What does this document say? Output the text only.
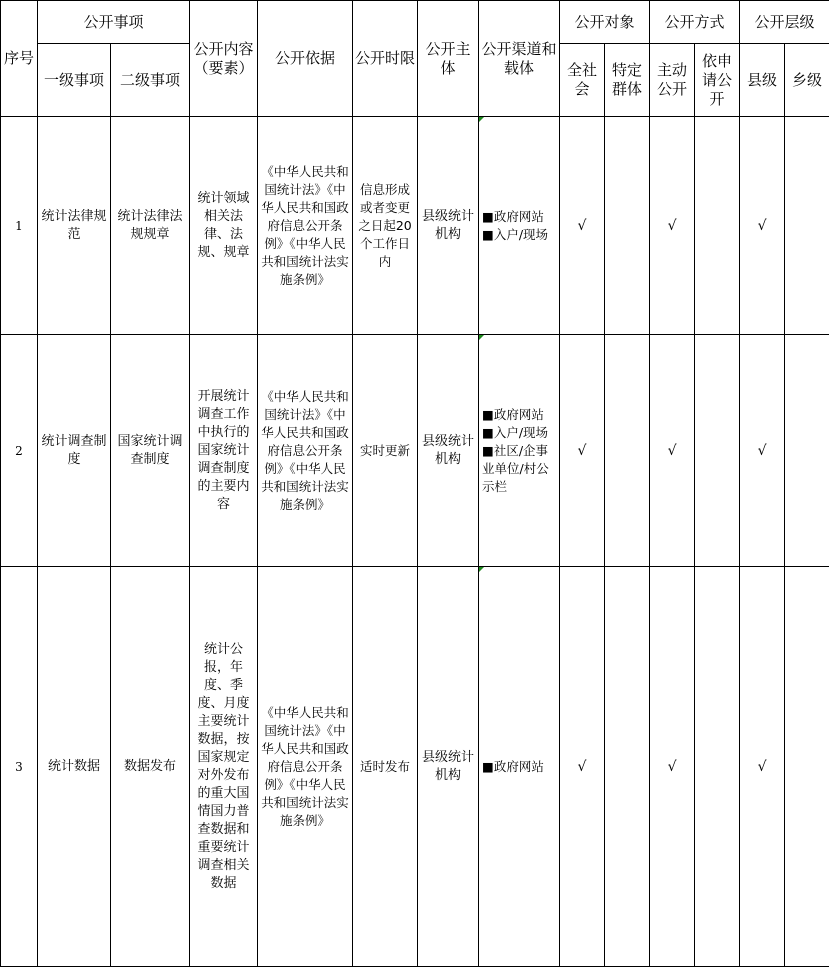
序号	公开事项		公开内容（要素）	公开依据	公开时限	公开主体	公开渠道和载体	公开对象		公开方式		公开层级	
	一级事项	二级事项						全社会	特定群体	主动公开	依申请公开	县级	乡级
1	统计法律规范	统计法律法规规章	统计领域相关法律、法规、规章	《中华人民共和国统计法》《中华人民共和国政府信息公开条例》《中华人民共和国统计法实施条例》	信息形成或者变更之日起20个工作日内	县级统计机构	■政府网站
■入户/现场	√		√		√	
2	统计调查制度	国家统计调查制度	开展统计调查工作中执行的国家统计调查制度的主要内容	《中华人民共和国统计法》《中华人民共和国政府信息公开条例》《中华人民共和国统计法实施条例》	实时更新	县级统计机构	■政府网站
■入户/现场
■社区/企事业单位/村公示栏	√		√		√	
3	统计数据	数据发布	统计公报，年度、季度、月度主要统计数据，按国家规定对外发布的重大国情国力普查数据和重要统计调查相关数据	《中华人民共和国统计法》《中华人民共和国政府信息公开条例》《中华人民共和国统计法实施条例》	适时发布	县级统计机构	■政府网站	√		√		√	
